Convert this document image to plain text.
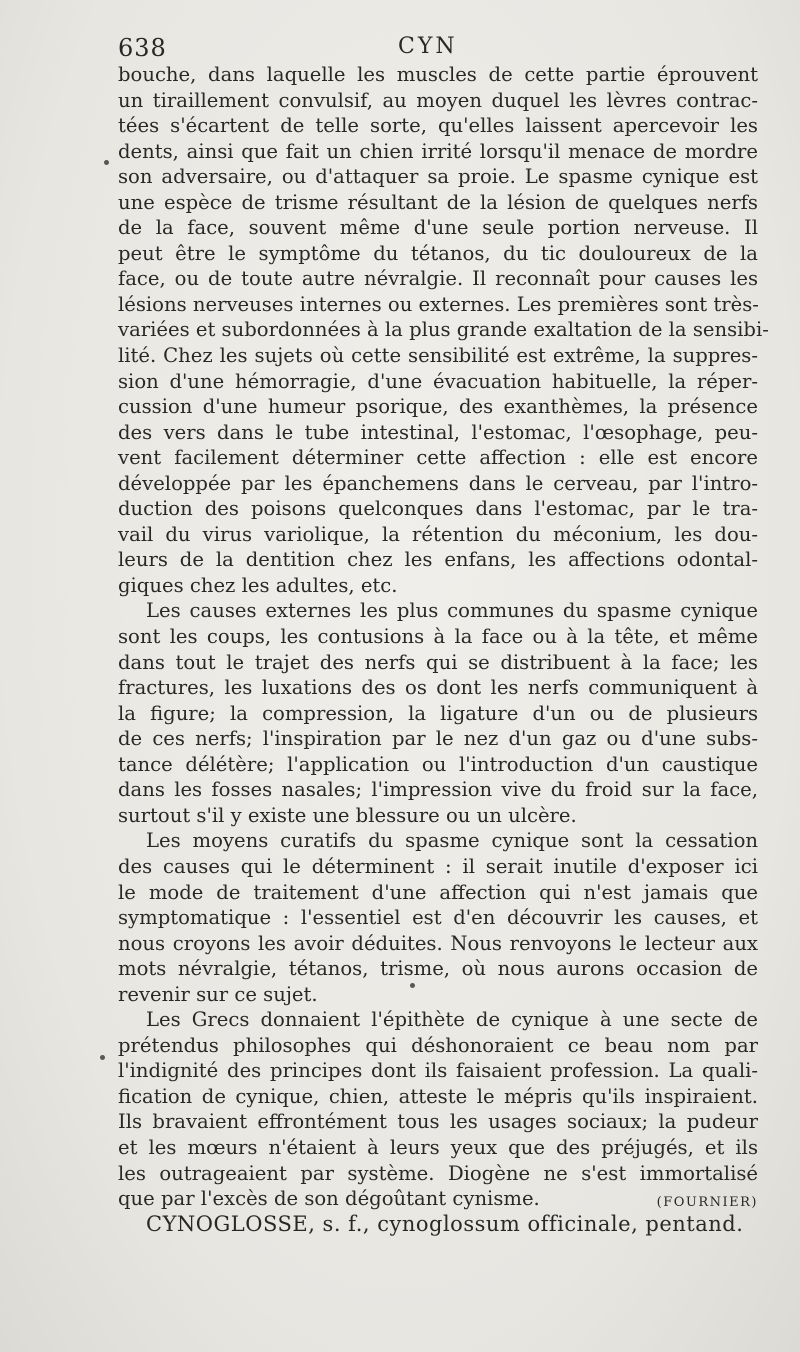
638	CYN
bouche, dans laquelle les muscles de cette partie éprouvent
un tiraillement convulsif, au moyen duquel les lèvres contrac-
tées s'écartent de telle sorte, qu'elles laissent apercevoir les
dents, ainsi que fait un chien irrité lorsqu'il menace de mordre
son adversaire, ou d'attaquer sa proie. Le spasme cynique est
une espèce de trisme résultant de la lésion de quelques nerfs
de la face, souvent même d'une seule portion nerveuse. Il
peut être le symptôme du tétanos, du tic douloureux de la
face, ou de toute autre névralgie. Il reconnaît pour causes les
lésions nerveuses internes ou externes. Les premières sont très-
variées et subordonnées à la plus grande exaltation de la sensibi-
lité. Chez les sujets où cette sensibilité est extrême, la suppres-
sion d'une hémorragie, d'une évacuation habituelle, la réper-
cussion d'une humeur psorique, des exanthèmes, la présence
des vers dans le tube intestinal, l'estomac, l'œsophage, peu-
vent facilement déterminer cette affection : elle est encore
développée par les épanchemens dans le cerveau, par l'intro-
duction des poisons quelconques dans l'estomac, par le tra-
vail du virus variolique, la rétention du méconium, les dou-
leurs de la dentition chez les enfans, les affections odontal-
giques chez les adultes, etc.
Les causes externes les plus communes du spasme cynique
sont les coups, les contusions à la face ou à la tête, et même
dans tout le trajet des nerfs qui se distribuent à la face; les
fractures, les luxations des os dont les nerfs communiquent à
la figure; la compression, la ligature d'un ou de plusieurs
de ces nerfs; l'inspiration par le nez d'un gaz ou d'une subs-
tance délétère; l'application ou l'introduction d'un caustique
dans les fosses nasales; l'impression vive du froid sur la face,
surtout s'il y existe une blessure ou un ulcère.
Les moyens curatifs du spasme cynique sont la cessation
des causes qui le déterminent : il serait inutile d'exposer ici
le mode de traitement d'une affection qui n'est jamais que
symptomatique : l'essentiel est d'en découvrir les causes, et
nous croyons les avoir déduites. Nous renvoyons le lecteur aux
mots névralgie, tétanos, trisme, où nous aurons occasion de
revenir sur ce sujet.
Les Grecs donnaient l'épithète de cynique à une secte de
prétendus philosophes qui déshonoraient ce beau nom par
l'indignité des principes dont ils faisaient profession. La quali-
fication de cynique, chien, atteste le mépris qu'ils inspiraient.
Ils bravaient effrontément tous les usages sociaux; la pudeur
et les mœurs n'étaient à leurs yeux que des préjugés, et ils
les outrageaient par système. Diogène ne s'est immortalisé
que par l'excès de son dégoûtant cynisme.	(FOURNIER)
CYNOGLOSSE, s. f., cynoglossum officinale, pentand.
